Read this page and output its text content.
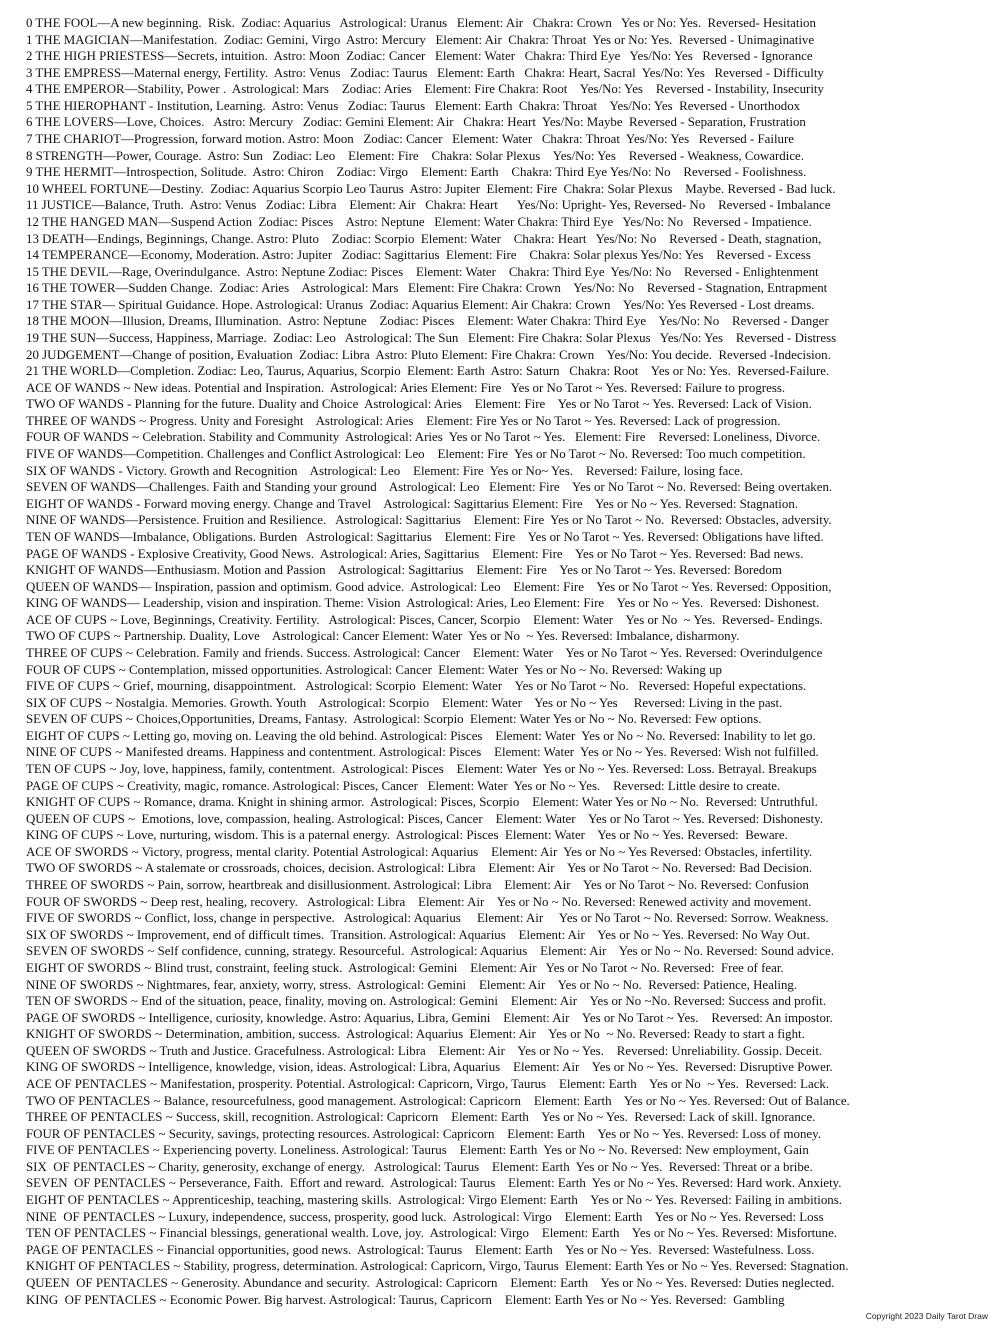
0 THE FOOL—A new beginning.  Risk.  Zodiac: Aquarius   Astrological: Uranus   Element: Air   Chakra: Crown   Yes or No: Yes.  Reversed- Hesitation
1 THE MAGICIAN—Manifestation.  Zodiac: Gemini, Virgo  Astro: Mercury   Element: Air  Chakra: Throat  Yes or No: Yes.  Reversed - Unimaginative
2 THE HIGH PRIESTESS—Secrets, intuition.  Astro: Moon  Zodiac: Cancer   Element: Water   Chakra: Third Eye   Yes/No: Yes   Reversed - Ignorance
3 THE EMPRESS—Maternal energy, Fertility.  Astro: Venus   Zodiac: Taurus   Element: Earth   Chakra: Heart, Sacral  Yes/No: Yes   Reversed - Difficulty
4 THE EMPEROR—Stability, Power .  Astrological: Mars    Zodiac: Aries    Element: Fire Chakra: Root    Yes/No: Yes    Reversed - Instability, Insecurity
5 THE HIEROPHANT - Institution, Learning.  Astro: Venus   Zodiac: Taurus   Element: Earth  Chakra: Throat    Yes/No: Yes  Reversed - Unorthodox
6 THE LOVERS—Love, Choices.   Astro: Mercury   Zodiac: Gemini Element: Air   Chakra: Heart  Yes/No: Maybe  Reversed - Separation, Frustration
7 THE CHARIOT—Progression, forward motion. Astro: Moon   Zodiac: Cancer   Element: Water   Chakra: Throat  Yes/No: Yes   Reversed - Failure
8 STRENGTH—Power, Courage.  Astro: Sun   Zodiac: Leo    Element: Fire    Chakra: Solar Plexus    Yes/No: Yes    Reversed - Weakness, Cowardice.
9 THE HERMIT—Introspection, Solitude.  Astro: Chiron    Zodiac: Virgo    Element: Earth    Chakra: Third Eye Yes/No: No    Reversed - Foolishness.
10 WHEEL FORTUNE—Destiny.  Zodiac: Aquarius Scorpio Leo Taurus  Astro: Jupiter  Element: Fire  Chakra: Solar Plexus    Maybe. Reversed - Bad luck.
11 JUSTICE—Balance, Truth.  Astro: Venus   Zodiac: Libra    Element: Air   Chakra: Heart      Yes/No: Upright- Yes, Reversed- No    Reversed - Imbalance
12 THE HANGED MAN—Suspend Action  Zodiac: Pisces    Astro: Neptune   Element: Water Chakra: Third Eye   Yes/No: No   Reversed - Impatience.
13 DEATH—Endings, Beginnings, Change. Astro: Pluto    Zodiac: Scorpio  Element: Water    Chakra: Heart   Yes/No: No    Reversed - Death, stagnation,
14 TEMPERANCE—Economy, Moderation. Astro: Jupiter   Zodiac: Sagittarius  Element: Fire    Chakra: Solar plexus Yes/No: Yes    Reversed - Excess
15 THE DEVIL—Rage, Overindulgance.  Astro: Neptune Zodiac: Pisces    Element: Water    Chakra: Third Eye  Yes/No: No    Reversed - Enlightenment
16 THE TOWER—Sudden Change.  Zodiac: Aries    Astrological: Mars   Element: Fire Chakra: Crown    Yes/No: No    Reversed - Stagnation, Entrapment
17 THE STAR— Spiritual Guidance. Hope. Astrological: Uranus  Zodiac: Aquarius Element: Air Chakra: Crown    Yes/No: Yes Reversed - Lost dreams.
18 THE MOON—Illusion, Dreams, Illumination.  Astro: Neptune    Zodiac: Pisces    Element: Water Chakra: Third Eye    Yes/No: No    Reversed - Danger
19 THE SUN—Success, Happiness, Marriage.  Zodiac: Leo   Astrological: The Sun   Element: Fire Chakra: Solar Plexus   Yes/No: Yes    Reversed - Distress
20 JUDGEMENT—Change of position, Evaluation  Zodiac: Libra  Astro: Pluto Element: Fire Chakra: Crown    Yes/No: You decide.  Reversed -Indecision.
21 THE WORLD—Completion. Zodiac: Leo, Taurus, Aquarius, Scorpio  Element: Earth  Astro: Saturn   Chakra: Root    Yes or No: Yes.  Reversed-Failure.
ACE OF WANDS ~ New ideas. Potential and Inspiration.  Astrological: Aries Element: Fire   Yes or No Tarot ~ Yes. Reversed: Failure to progress.
TWO OF WANDS - Planning for the future. Duality and Choice  Astrological: Aries    Element: Fire    Yes or No Tarot ~ Yes. Reversed: Lack of Vision.
THREE OF WANDS ~ Progress. Unity and Foresight    Astrological: Aries    Element: Fire Yes or No Tarot ~ Yes. Reversed: Lack of progression.
FOUR OF WANDS ~ Celebration. Stability and Community  Astrological: Aries  Yes or No Tarot ~ Yes.   Element: Fire    Reversed: Loneliness, Divorce.
FIVE OF WANDS—Competition. Challenges and Conflict Astrological: Leo    Element: Fire  Yes or No Tarot ~ No. Reversed: Too much competition.
SIX OF WANDS - Victory. Growth and Recognition    Astrological: Leo    Element: Fire  Yes or No~ Yes.    Reversed: Failure, losing face.
SEVEN OF WANDS—Challenges. Faith and Standing your ground    Astrological: Leo   Element: Fire    Yes or No Tarot ~ No. Reversed: Being overtaken.
EIGHT OF WANDS - Forward moving energy. Change and Travel    Astrological: Sagittarius Element: Fire    Yes or No ~ Yes. Reversed: Stagnation.
NINE OF WANDS—Persistence. Fruition and Resilience.   Astrological: Sagittarius    Element: Fire  Yes or No Tarot ~ No.  Reversed: Obstacles, adversity.
TEN OF WANDS—Imbalance, Obligations. Burden   Astrological: Sagittarius    Element: Fire    Yes or No Tarot ~ Yes. Reversed: Obligations have lifted.
PAGE OF WANDS - Explosive Creativity, Good News.  Astrological: Aries, Sagittarius    Element: Fire    Yes or No Tarot ~ Yes. Reversed: Bad news.
KNIGHT OF WANDS—Enthusiasm. Motion and Passion    Astrological: Sagittarius    Element: Fire    Yes or No Tarot ~ Yes. Reversed: Boredom
QUEEN OF WANDS— Inspiration, passion and optimism. Good advice.  Astrological: Leo    Element: Fire    Yes or No Tarot ~ Yes. Reversed: Opposition,
KING OF WANDS— Leadership, vision and inspiration. Theme: Vision  Astrological: Aries, Leo Element: Fire    Yes or No ~ Yes.  Reversed: Dishonest.
ACE OF CUPS ~ Love, Beginnings, Creativity. Fertility.   Astrological: Pisces, Cancer, Scorpio    Element: Water    Yes or No  ~ Yes.  Reversed- Endings.
TWO OF CUPS ~ Partnership. Duality, Love    Astrological: Cancer Element: Water  Yes or No  ~ Yes. Reversed: Imbalance, disharmony.
THREE OF CUPS ~ Celebration. Family and friends. Success. Astrological: Cancer    Element: Water    Yes or No Tarot ~ Yes. Reversed: Overindulgence
FOUR OF CUPS ~ Contemplation, missed opportunities. Astrological: Cancer  Element: Water  Yes or No ~ No. Reversed: Waking up
FIVE OF CUPS ~ Grief, mourning, disappointment.   Astrological: Scorpio  Element: Water    Yes or No Tarot ~ No.   Reversed: Hopeful expectations.
SIX OF CUPS ~ Nostalgia. Memories. Growth. Youth    Astrological: Scorpio    Element: Water    Yes or No ~ Yes     Reversed: Living in the past.
SEVEN OF CUPS ~ Choices,Opportunities, Dreams, Fantasy.  Astrological: Scorpio  Element: Water Yes or No ~ No. Reversed: Few options.
EIGHT OF CUPS ~ Letting go, moving on. Leaving the old behind. Astrological: Pisces    Element: Water  Yes or No ~ No. Reversed: Inability to let go.
NINE OF CUPS ~ Manifested dreams. Happiness and contentment. Astrological: Pisces    Element: Water  Yes or No ~ Yes. Reversed: Wish not fulfilled.
TEN OF CUPS ~ Joy, love, happiness, family, contentment.  Astrological: Pisces    Element: Water  Yes or No ~ Yes. Reversed: Loss. Betrayal. Breakups
PAGE OF CUPS ~ Creativity, magic, romance. Astrological: Pisces, Cancer   Element: Water  Yes or No ~ Yes.    Reversed: Little desire to create.
KNIGHT OF CUPS ~ Romance, drama. Knight in shining armor.  Astrological: Pisces, Scorpio    Element: Water Yes or No ~ No.  Reversed: Untruthful.
QUEEN OF CUPS ~  Emotions, love, compassion, healing. Astrological: Pisces, Cancer    Element: Water    Yes or No Tarot ~ Yes. Reversed: Dishonesty.
KING OF CUPS ~ Love, nurturing, wisdom. This is a paternal energy.  Astrological: Pisces  Element: Water    Yes or No ~ Yes. Reversed:  Beware.
ACE OF SWORDS ~ Victory, progress, mental clarity. Potential Astrological: Aquarius    Element: Air  Yes or No ~ Yes Reversed: Obstacles, infertility.
TWO OF SWORDS ~ A stalemate or crossroads, choices, decision. Astrological: Libra    Element: Air    Yes or No Tarot ~ No. Reversed: Bad Decision.
THREE OF SWORDS ~ Pain, sorrow, heartbreak and disillusionment. Astrological: Libra    Element: Air    Yes or No Tarot ~ No. Reversed: Confusion
FOUR OF SWORDS ~ Deep rest, healing, recovery.   Astrological: Libra    Element: Air    Yes or No ~ No. Reversed: Renewed activity and movement.
FIVE OF SWORDS ~ Conflict, loss, change in perspective.   Astrological: Aquarius     Element: Air     Yes or No Tarot ~ No. Reversed: Sorrow. Weakness.
SIX OF SWORDS ~ Improvement, end of difficult times.  Transition. Astrological: Aquarius    Element: Air    Yes or No ~ Yes. Reversed: No Way Out.
SEVEN OF SWORDS ~ Self confidence, cunning, strategy. Resourceful.  Astrological: Aquarius    Element: Air    Yes or No ~ No. Reversed: Sound advice.
EIGHT OF SWORDS ~ Blind trust, constraint, feeling stuck.  Astrological: Gemini    Element: Air   Yes or No Tarot ~ No. Reversed:  Free of fear.
NINE OF SWORDS ~ Nightmares, fear, anxiety, worry, stress.  Astrological: Gemini    Element: Air    Yes or No ~ No.  Reversed: Patience, Healing.
TEN OF SWORDS ~ End of the situation, peace, finality, moving on. Astrological: Gemini    Element: Air    Yes or No ~No. Reversed: Success and profit.
PAGE OF SWORDS ~ Intelligence, curiosity, knowledge. Astro: Aquarius, Libra, Gemini    Element: Air    Yes or No Tarot ~ Yes.    Reversed: An impostor.
KNIGHT OF SWORDS ~ Determination, ambition, success.  Astrological: Aquarius  Element: Air    Yes or No  ~ No. Reversed: Ready to start a fight.
QUEEN OF SWORDS ~ Truth and Justice. Gracefulness. Astrological: Libra    Element: Air    Yes or No ~ Yes.    Reversed: Unreliability. Gossip. Deceit.
KING OF SWORDS ~ Intelligence, knowledge, vision, ideas. Astrological: Libra, Aquarius    Element: Air    Yes or No ~ Yes.  Reversed: Disruptive Power.
ACE OF PENTACLES ~ Manifestation, prosperity. Potential. Astrological: Capricorn, Virgo, Taurus    Element: Earth    Yes or No  ~ Yes.  Reversed: Lack.
TWO OF PENTACLES ~ Balance, resourcefulness, good management. Astrological: Capricorn    Element: Earth    Yes or No ~ Yes. Reversed: Out of Balance.
THREE OF PENTACLES ~ Success, skill, recognition. Astrological: Capricorn    Element: Earth    Yes or No ~ Yes.  Reversed: Lack of skill. Ignorance.
FOUR OF PENTACLES ~ Security, savings, protecting resources. Astrological: Capricorn    Element: Earth    Yes or No ~ Yes. Reversed: Loss of money.
FIVE OF PENTACLES ~ Experiencing poverty. Loneliness. Astrological: Taurus    Element: Earth  Yes or No ~ No. Reversed: New employment, Gain
SIX  OF PENTACLES ~ Charity, generosity, exchange of energy.   Astrological: Taurus    Element: Earth  Yes or No ~ Yes.  Reversed: Threat or a bribe.
SEVEN  OF PENTACLES ~ Perseverance, Faith.  Effort and reward.  Astrological: Taurus    Element: Earth  Yes or No ~ Yes. Reversed: Hard work. Anxiety.
EIGHT OF PENTACLES ~ Apprenticeship, teaching, mastering skills.  Astrological: Virgo Element: Earth    Yes or No ~ Yes. Reversed: Failing in ambitions.
NINE  OF PENTACLES ~ Luxury, independence, success, prosperity, good luck.  Astrological: Virgo    Element: Earth    Yes or No ~ Yes. Reversed: Loss
TEN OF PENTACLES ~ Financial blessings, generational wealth. Love, joy.  Astrological: Virgo    Element: Earth    Yes or No ~ Yes. Reversed: Misfortune.
PAGE OF PENTACLES ~ Financial opportunities, good news.  Astrological: Taurus    Element: Earth    Yes or No ~ Yes.  Reversed: Wastefulness. Loss.
KNIGHT OF PENTACLES ~ Stability, progress, determination. Astrological: Capricorn, Virgo, Taurus  Element: Earth Yes or No ~ Yes. Reversed: Stagnation.
QUEEN  OF PENTACLES ~ Generosity. Abundance and security.  Astrological: Capricorn    Element: Earth    Yes or No ~ Yes. Reversed: Duties neglected.
KING  OF PENTACLES ~ Economic Power. Big harvest. Astrological: Taurus, Capricorn    Element: Earth Yes or No ~ Yes. Reversed:  Gambling
Copyright 2023 Daily Tarot Draw
